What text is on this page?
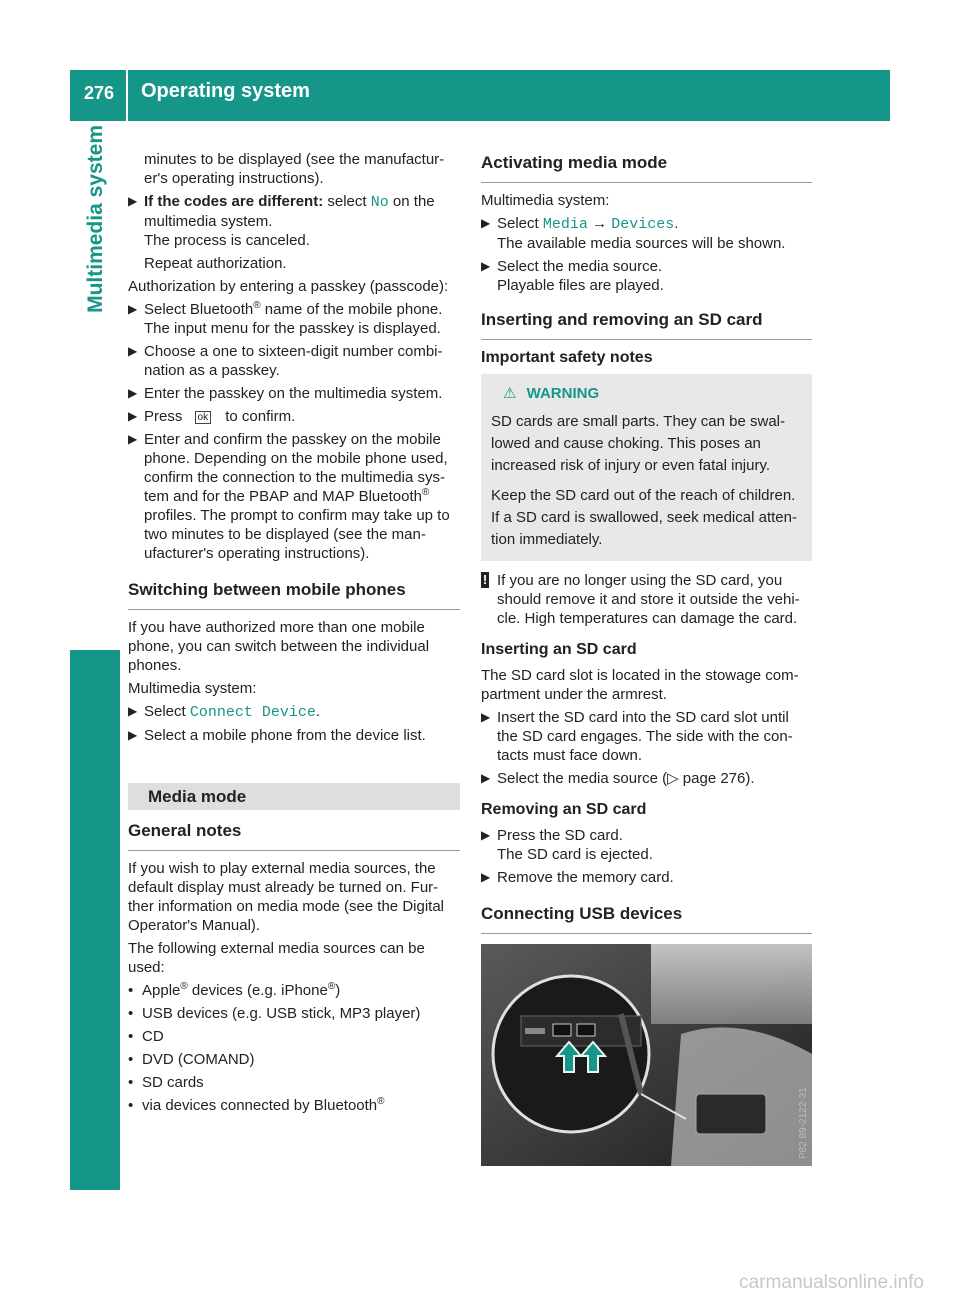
276 Operating system
Multimedia system	minutes to be displayed (see the manufactur-er's operating instructions).

▶ If the codes are different: select No on the multimedia system.
The process is canceled.
Repeat authorization.

Authorization by entering a passkey (passcode):

▶ Select Bluetooth® name of the mobile phone.
The input menu for the passkey is displayed.
▶ Choose a one to sixteen-digit number combi-nation as a passkey.
▶ Enter the passkey on the multimedia system.
▶ Press ok to confirm.
▶ Enter and confirm the passkey on the mobile phone. Depending on the mobile phone used, confirm the connection to the multimedia sys-tem and for the PBAP and MAP Bluetooth® profiles. The prompt to confirm may take up to two minutes to be displayed (see the man-ufacturer's operating instructions).
Switching between mobile phones

If you have authorized more than one mobile phone, you can switch between the individual phones.

Multimedia system:

▶ Select Connect Device.
▶ Select a mobile phone from the device list.
Media mode
General notes

If you wish to play external media sources, the default display must already be turned on. Fur-ther information on media mode (see the Digital Operator's Manual).

The following external media sources can be used:

• Apple® devices (e.g. iPhone®)
• USB devices (e.g. USB stick, MP3 player)
• CD
• DVD (COMAND)
• SD cards
• via devices connected by Bluetooth®
Activating media mode

Multimedia system:

▶ Select Media → Devices.
The available media sources will be shown.
▶ Select the media source.
Playable files are played.
Inserting and removing an SD card
Important safety notes
⚠ WARNING

SD cards are small parts. They can be swal-lowed and cause choking. This poses an increased risk of injury or even fatal injury.

Keep the SD card out of the reach of children. If a SD card is swallowed, seek medical atten-tion immediately.

! If you are no longer using the SD card, you should remove it and store it outside the vehi-cle. High temperatures can damage the card.
Inserting an SD card

The SD card slot is located in the stowage com-partment under the armrest.

▶ Insert the SD card into the SD card slot until the SD card engages. The side with the con-tacts must face down.
▶ Select the media source (▷ page 276).
Removing an SD card
▶ Press the SD card.
The SD card is ejected.
▶ Remove the memory card.
Connecting USB devices
P82.89-2122-31
carmanualsonline.info
